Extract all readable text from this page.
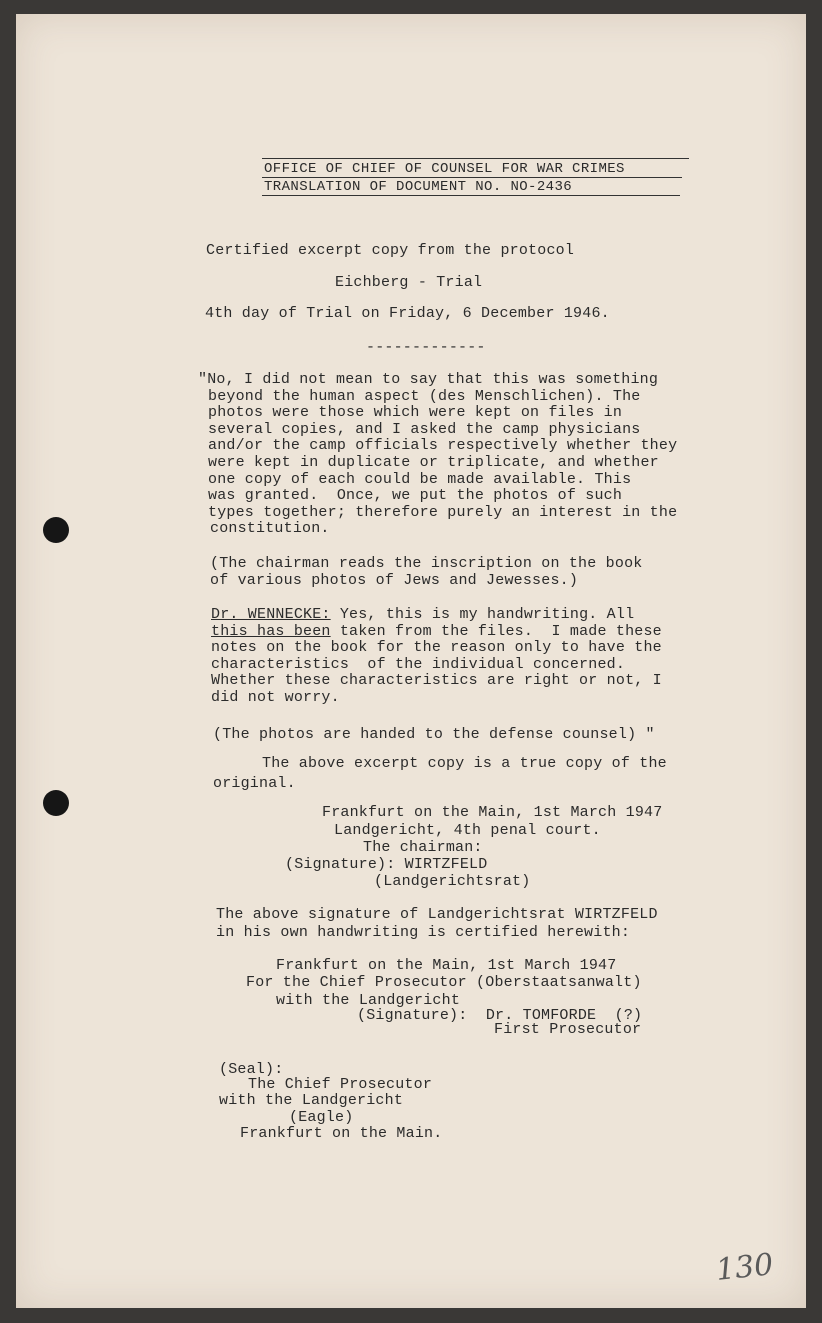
OFFICE OF CHIEF OF COUNSEL FOR WAR CRIMES
TRANSLATION OF DOCUMENT NO. NO-2436
Certified excerpt copy from the protocol
Eichberg - Trial
4th day of Trial on Friday, 6 December 1946.
-------------
"No, I did not mean to say that this was something
beyond the human aspect (des Menschlichen). The
photos were those which were kept on files in
several copies, and I asked the camp physicians
and/or the camp officials respectively whether they
were kept in duplicate or triplicate, and whether
one copy of each could be made available. This
was granted.  Once, we put the photos of such
types together; therefore purely an interest in the
constitution.
(The chairman reads the inscription on the book
of various photos of Jews and Jewesses.)
Dr. WENNECKE: Yes, this is my handwriting. All
this has been taken from the files.  I made these
notes on the book for the reason only to have the
characteristics  of the individual concerned.
Whether these characteristics are right or not, I
did not worry.
(The photos are handed to the defense counsel) "
The above excerpt copy is a true copy of the
original.
Frankfurt on the Main, 1st March 1947
Landgericht, 4th penal court.
The chairman:
(Signature): WIRTZFELD
(Landgerichtsrat)
The above signature of Landgerichtsrat WIRTZFELD
in his own handwriting is certified herewith:
Frankfurt on the Main, 1st March 1947
For the Chief Prosecutor (Oberstaatsanwalt)
with the Landgericht
(Signature):  Dr. TOMFORDE  (?)
First Prosecutor
(Seal):
The Chief Prosecutor
with the Landgericht
(Eagle)
Frankfurt on the Main.
130
